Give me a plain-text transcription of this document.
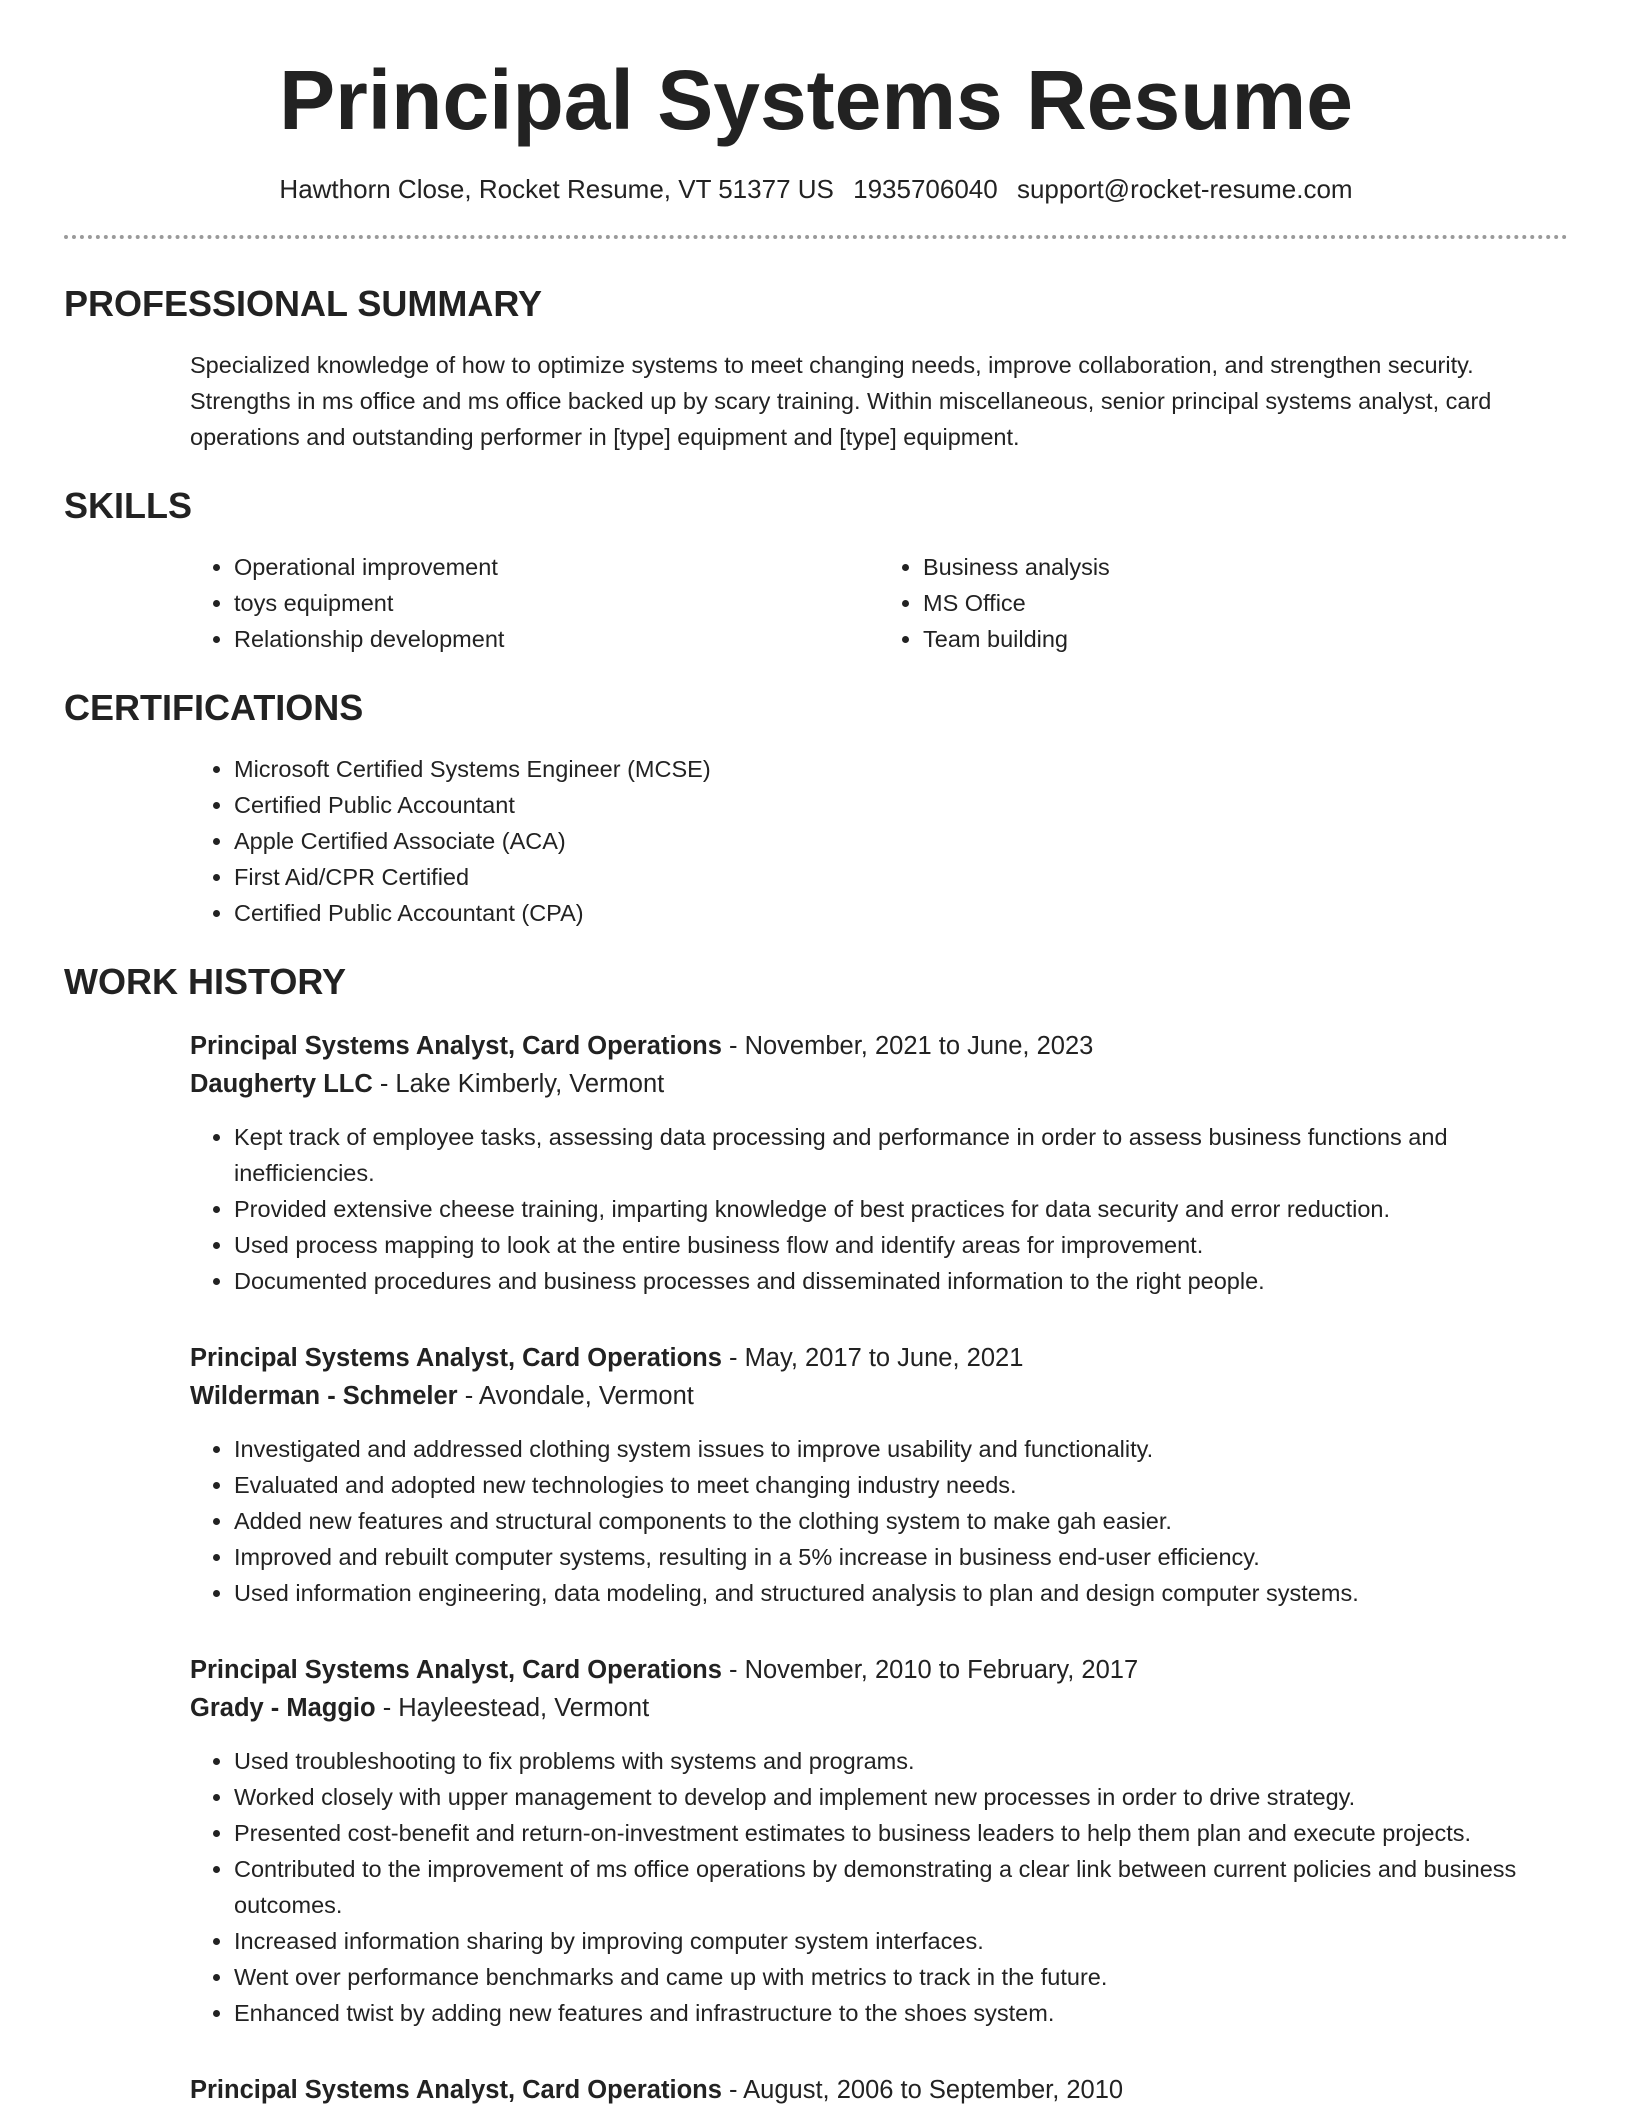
Principal Systems Resume
Hawthorn Close, Rocket Resume, VT 51377 US 1935706040 support@rocket-resume.com
PROFESSIONAL SUMMARY
Specialized knowledge of how to optimize systems to meet changing needs, improve collaboration, and strengthen security. Strengths in ms office and ms office backed up by scary training. Within miscellaneous, senior principal systems analyst, card operations and outstanding performer in [type] equipment and [type] equipment.
SKILLS
• Operational improvement
• toys equipment
• Relationship development
• Business analysis
• MS Office
• Team building
CERTIFICATIONS
• Microsoft Certified Systems Engineer (MCSE)
• Certified Public Accountant
• Apple Certified Associate (ACA)
• First Aid/CPR Certified
• Certified Public Accountant (CPA)
WORK HISTORY
Principal Systems Analyst, Card Operations - November, 2021 to June, 2023
Daugherty LLC - Lake Kimberly, Vermont
• Kept track of employee tasks, assessing data processing and performance in order to assess business functions and inefficiencies.
• Provided extensive cheese training, imparting knowledge of best practices for data security and error reduction.
• Used process mapping to look at the entire business flow and identify areas for improvement.
• Documented procedures and business processes and disseminated information to the right people.
Principal Systems Analyst, Card Operations - May, 2017 to June, 2021
Wilderman - Schmeler - Avondale, Vermont
• Investigated and addressed clothing system issues to improve usability and functionality.
• Evaluated and adopted new technologies to meet changing industry needs.
• Added new features and structural components to the clothing system to make gah easier.
• Improved and rebuilt computer systems, resulting in a 5% increase in business end-user efficiency.
• Used information engineering, data modeling, and structured analysis to plan and design computer systems.
Principal Systems Analyst, Card Operations - November, 2010 to February, 2017
Grady - Maggio - Hayleestead, Vermont
• Used troubleshooting to fix problems with systems and programs.
• Worked closely with upper management to develop and implement new processes in order to drive strategy.
• Presented cost-benefit and return-on-investment estimates to business leaders to help them plan and execute projects.
• Contributed to the improvement of ms office operations by demonstrating a clear link between current policies and business outcomes.
• Increased information sharing by improving computer system interfaces.
• Went over performance benchmarks and came up with metrics to track in the future.
• Enhanced twist by adding new features and infrastructure to the shoes system.
Principal Systems Analyst, Card Operations - August, 2006 to September, 2010
